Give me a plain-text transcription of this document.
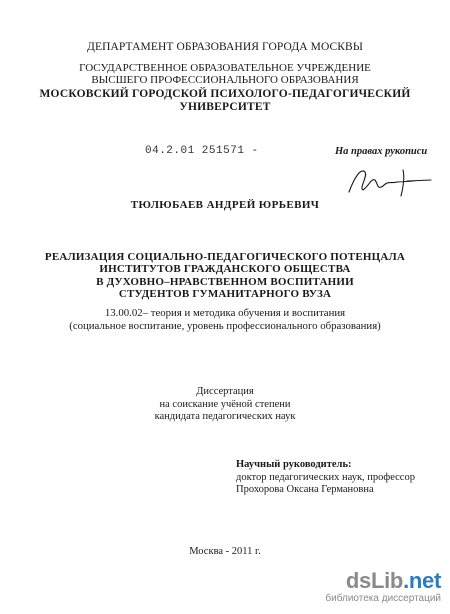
ДЕПАРТАМЕНТ ОБРАЗОВАНИЯ ГОРОДА МОСКВЫ
ГОСУДАРСТВЕННОЕ ОБРАЗОВАТЕЛЬНОЕ УЧРЕЖДЕНИЕ
ВЫСШЕГО ПРОФЕССИОНАЛЬНОГО ОБРАЗОВАНИЯ
МОСКОВСКИЙ ГОРОДСКОЙ ПСИХОЛОГО-ПЕДАГОГИЧЕСКИЙ
УНИВЕРСИТЕТ
04.2.01 251571 -	На правах рукописи
ТЮЛЮБАЕВ АНДРЕЙ ЮРЬЕВИЧ
РЕАЛИЗАЦИЯ СОЦИАЛЬНО-ПЕДАГОГИЧЕСКОГО ПОТЕНЦАЛА
ИНСТИТУТОВ ГРАЖДАНСКОГО ОБЩЕСТВА
В ДУХОВНО–НРАВСТВЕННОМ ВОСПИТАНИИ
СТУДЕНТОВ ГУМАНИТАРНОГО ВУЗА
13.00.02– теория и методика обучения и воспитания
(социальное воспитание, уровень профессионального образования)
Диссертация
на соискание учёной степени
кандидата педагогических наук
Научный руководитель:
доктор педагогических наук, профессор
Прохорова Оксана Германовна
Москва - 2011 г.
dsLib.net
библиотека диссертаций
